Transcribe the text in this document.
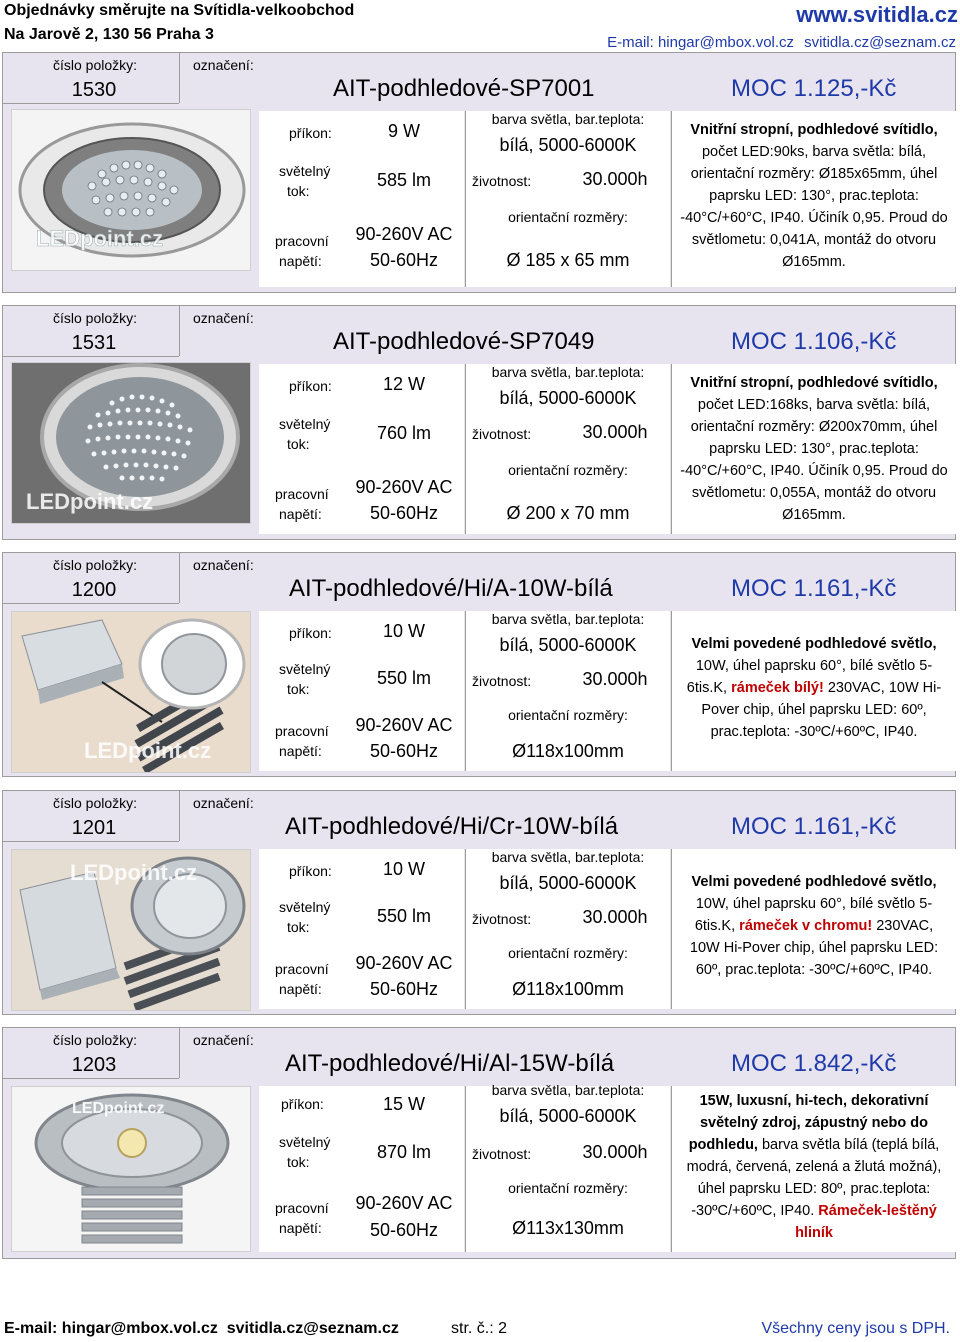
Objednávky směrujte na Svítidla-velkoobchod
Na Jarově 2, 130 56 Praha 3
www.svitidla.cz
E-mail: hingar@mbox.vol.cz svitidla.cz@seznam.cz
číslo položky:
1530
označení:
AIT-podhledové-SP7001	MOC 1.125,-Kč
LEDpoint.cz
příkon:	9 W
světelný
tok:
585 lm
pracovní
napětí:
90-260V AC
50-60Hz
barva světla, bar.teplota:
bílá, 5000-6000K
životnost:	30.000h
orientační rozměry:
Ø 185 x 65 mm
Vnitřní stropní, podhledové svítidlo, počet LED:90ks, barva světla: bílá, orientační rozměry: Ø185x65mm, úhel paprsku LED: 130°, prac.teplota: -40°C/+60°C, IP40. Účiník 0,95. Proud do světlometu: 0,041A, montáž do otvoru Ø165mm.
číslo položky:
1531
označení:
AIT-podhledové-SP7049	MOC 1.106,-Kč
LEDpoint.cz
příkon:	12 W
světelný
tok:
760 lm
pracovní
napětí:
90-260V AC
50-60Hz
barva světla, bar.teplota:
bílá, 5000-6000K
životnost:	30.000h
orientační rozměry:
Ø 200 x 70 mm
Vnitřní stropní, podhledové svítidlo, počet LED:168ks, barva světla: bílá, orientační rozměry: Ø200x70mm, úhel paprsku LED: 130°, prac.teplota: -40°C/+60°C, IP40. Účiník 0,95. Proud do světlometu: 0,055A, montáž do otvoru Ø165mm.
číslo položky:
1200
označení:
AIT-podhledové/Hi/A-10W-bílá	MOC 1.161,-Kč
LEDpoint.cz
příkon:	10 W
světelný
tok:
550 lm
pracovní
napětí:
90-260V AC
50-60Hz
barva světla, bar.teplota:
bílá, 5000-6000K
životnost:	30.000h
orientační rozměry:
Ø118x100mm
Velmi povedené podhledové světlo, 10W, úhel paprsku 60°, bílé světlo 5-6tis.K, rámeček bílý! 230VAC, 10W Hi-Pover chip, úhel paprsku LED: 60º, prac.teplota: -30ºC/+60ºC, IP40.
číslo položky:
1201
označení:
AIT-podhledové/Hi/Cr-10W-bílá	MOC 1.161,-Kč
LEDpoint.cz	příkon:	10 W
světelný
tok:
550 lm
pracovní
napětí:
90-260V AC
50-60Hz
barva světla, bar.teplota:
bílá, 5000-6000K
životnost:	30.000h
orientační rozměry:
Ø118x100mm
Velmi povedené podhledové světlo, 10W, úhel paprsku 60°, bílé světlo 5-6tis.K, rámeček v chromu! 230VAC, 10W Hi-Pover chip, úhel paprsku LED: 60º, prac.teplota: -30ºC/+60ºC, IP40.
číslo položky:
1203
označení:
AIT-podhledové/Hi/Al-15W-bílá	MOC 1.842,-Kč
LEDpoint.cz	příkon:	15 W
světelný
tok:	870 lm
pracovní
napětí:
90-260V AC
50-60Hz
barva světla, bar.teplota:
bílá, 5000-6000K
životnost:	30.000h
orientační rozměry:
Ø113x130mm
15W, luxusní, hi-tech, dekorativní světelný zdroj, zápustný nebo do podhledu, barva světla bílá (teplá bílá, modrá, červená, zelená a žlutá možná), úhel paprsku LED: 80º, prac.teplota: -30ºC/+60ºC, IP40. Rámeček-leštěný hliník
E-mail: hingar@mbox.vol.cz  svitidla.cz@seznam.cz	str. č.: 2	Všechny ceny jsou s DPH.
